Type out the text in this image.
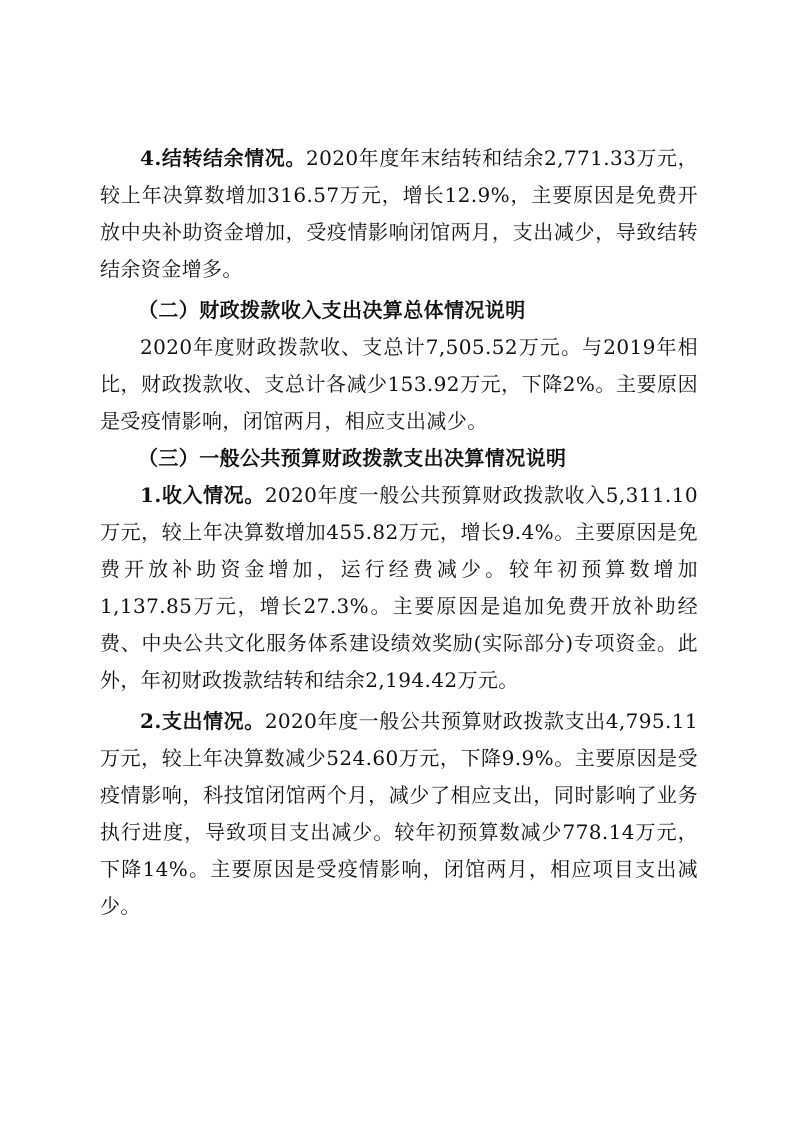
4.结转结余情况。2020年度年末结转和结余2,771.33万元，较上年决算数增加316.57万元，增长12.9%，主要原因是免费开放中央补助资金增加，受疫情影响闭馆两月，支出减少，导致结转结余资金增多。

（二）财政拨款收入支出决算总体情况说明

2020年度财政拨款收、支总计7,505.52万元。与2019年相比，财政拨款收、支总计各减少153.92万元，下降2%。主要原因是受疫情影响，闭馆两月，相应支出减少。

（三）一般公共预算财政拨款支出决算情况说明

1.收入情况。2020年度一般公共预算财政拨款收入5,311.10万元，较上年决算数增加455.82万元，增长9.4%。主要原因是免费开放补助资金增加，运行经费减少。较年初预算数增加1,137.85万元，增长27.3%。主要原因是追加免费开放补助经费、中央公共文化服务体系建设绩效奖励(实际部分)专项资金。此外，年初财政拨款结转和结余2,194.42万元。

2.支出情况。2020年度一般公共预算财政拨款支出4,795.11万元，较上年决算数减少524.60万元，下降9.9%。主要原因是受疫情影响，科技馆闭馆两个月，减少了相应支出，同时影响了业务执行进度，导致项目支出减少。较年初预算数减少778.14万元，下降14%。主要原因是受疫情影响，闭馆两月，相应项目支出减少。
